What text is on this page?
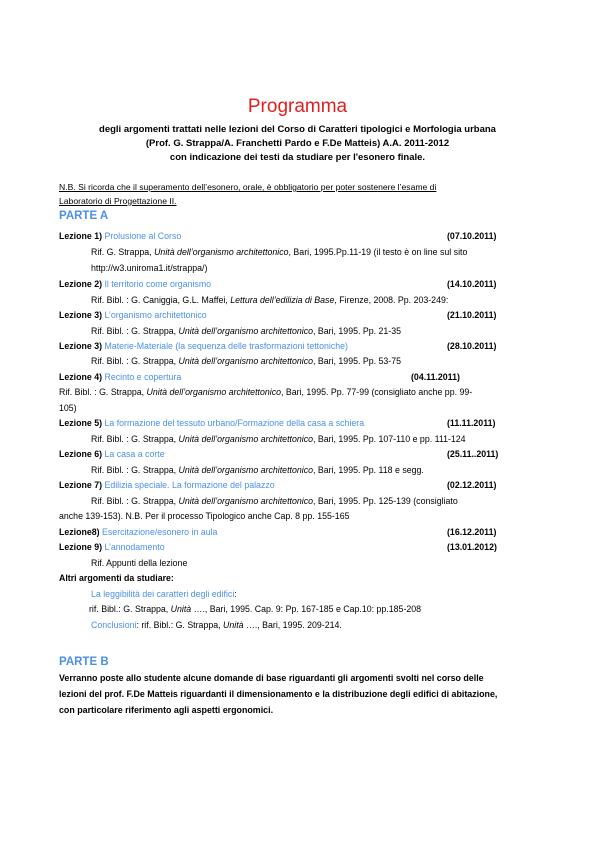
Programma
degli argomenti trattati nelle lezioni del Corso di Caratteri tipologici e Morfologia urbana
(Prof. G. Strappa/A. Franchetti Pardo e F.De Matteis) A.A. 2011-2012
con indicazione dei testi da studiare per l'esonero finale.
N.B. Si ricorda che il superamento dell’esonero, orale, è obbligatorio per poter sostenere l’esame di
Laboratorio di Progettazione II.
PARTE A
Lezione 1) Prolusione al Corso	(07.10.2011)
Rif. G. Strappa, Unità dell’organismo architettonico, Bari, 1995.Pp.11-19 (il testo è on line sul sito
http://w3.uniroma1.it/strappa/)
Lezione 2) Il territorio come organismo	(14.10.2011)
Rif. Bibl. : G. Caniggia, G.L. Maffei, Lettura dell’edilizia di Base, Firenze, 2008. Pp. 203-249:
Lezione 3) L’organismo architettonico	(21.10.2011)
Rif. Bibl. : G. Strappa, Unità dell’organismo architettonico, Bari, 1995. Pp. 21-35
Lezione 3) Materie-Materiale (la sequenza delle trasformazioni tettoniche)	(28.10.2011)
Rif. Bibl. : G. Strappa, Unità dell’organismo architettonico, Bari, 1995. Pp. 53-75
Lezione 4) Recinto e copertura	(04.11.2011)
Rif. Bibl. : G. Strappa, Unità dell’organismo architettonico, Bari, 1995. Pp. 77-99 (consigliato anche pp. 99-
105)
Lezione 5) La formazione del tessuto urbano/Formazione della casa a schiera	(11.11.2011)
Rif. Bibl. : G. Strappa, Unità dell’organismo architettonico, Bari, 1995. Pp. 107-110 e pp. 111-124
Lezione 6) La casa a corte	(25.11..2011)
Rif. Bibl. : G. Strappa, Unità dell’organismo architettonico, Bari, 1995. Pp. 118 e segg.
Lezione 7) Edilizia speciale. La formazione del palazzo	(02.12.2011)
Rif. Bibl. : G. Strappa, Unità dell’organismo architettonico, Bari, 1995. Pp. 125-139 (consigliato
anche 139-153). N.B. Per il processo Tipologico anche Cap. 8 pp. 155-165
Lezione8) Esercitazione/esonero in aula	(16.12.2011)
Lezione 9) L’annodamento	(13.01.2012)
Rif. Appunti della lezione
Altri argomenti da studiare:
La leggibilità dei caratteri degli edifici:
rif. Bibl.: G. Strappa, Unità …., Bari, 1995. Cap. 9: Pp. 167-185 e Cap.10: pp.185-208
Conclusioni: rif. Bibl.: G. Strappa, Unità …., Bari, 1995. 209-214.
PARTE B
Verranno poste allo studente alcune domande di base riguardanti gli argomenti svolti nel corso delle
lezioni del prof. F.De Matteis riguardanti il dimensionamento e la distribuzione degli edifici di abitazione,
con particolare riferimento agli aspetti ergonomici.
